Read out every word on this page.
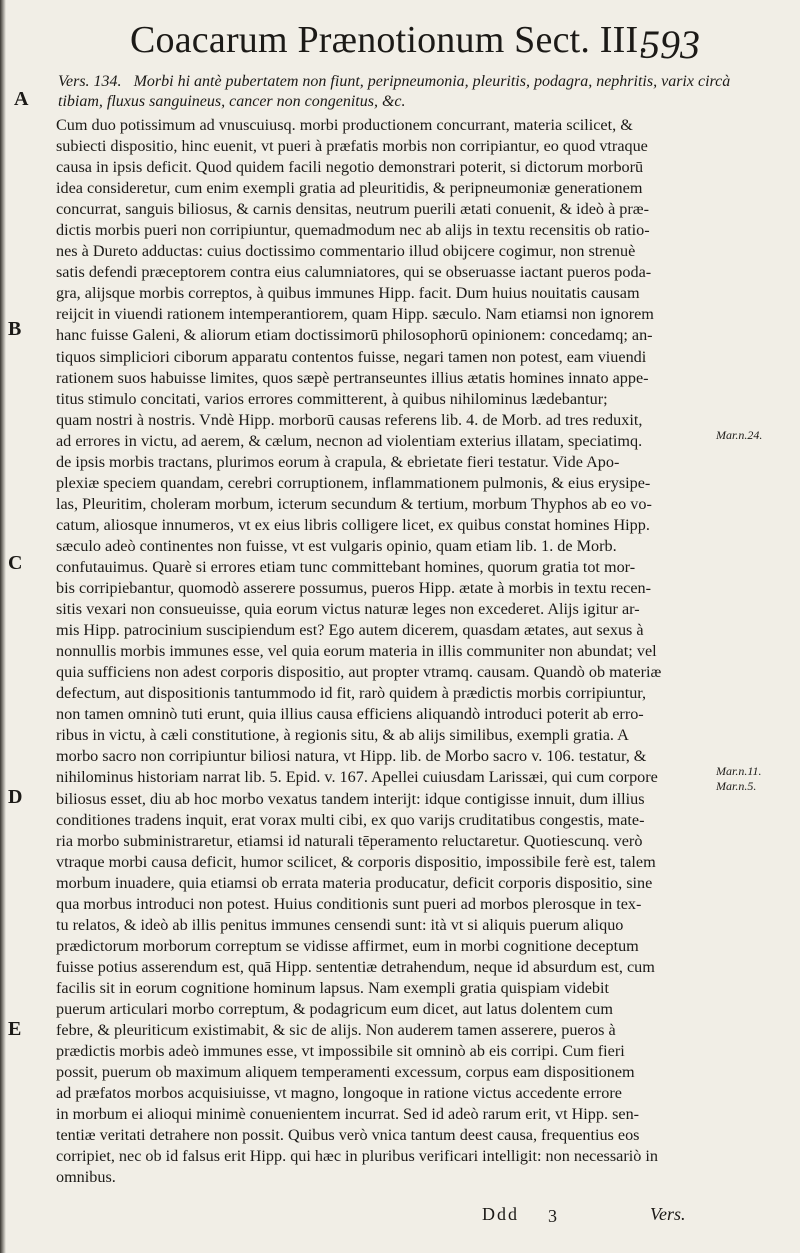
Coacarum Prænotionum Sect. III.
593
A
Vers. 134. Morbi hi antè pubertatem non fiunt, peripneumonia, pleuritis, podagra, nephritis, varix circà tibiam, fluxus sanguineus, cancer non congenitus, &c.
B
C
D
E
Mar.n.24.
Mar.n.11.
Mar.n.5.
Cum duo potissimum ad vnuscuiusq. morbi productionem concurrant, materia scilicet, &
subiecti dispositio, hinc euenit, vt pueri à præfatis morbis non corripiantur, eo quod vtraque
causa in ipsis deficit. Quod quidem facili negotio demonstrari poterit, si dictorum morborū
idea consideretur, cum enim exempli gratia ad pleuritidis, & peripneumoniæ generationem
concurrat, sanguis biliosus, & carnis densitas, neutrum puerili ætati conuenit, & ideò à præ-
dictis morbis pueri non corripiuntur, quemadmodum nec ab alijs in textu recensitis ob ratio-
nes à Dureto adductas: cuius doctissimo commentario illud obijcere cogimur, non strenuè
satis defendi præceptorem contra eius calumniatores, qui se obseruasse iactant pueros poda-
gra, alijsque morbis correptos, à quibus immunes Hipp. facit. Dum huius nouitatis causam
reijcit in viuendi rationem intemperantiorem, quam Hipp. sæculo. Nam etiamsi non ignorem
hanc fuisse Galeni, & aliorum etiam doctissimorū philosophorū opinionem: concedamq; an-
tiquos simpliciori ciborum apparatu contentos fuisse, negari tamen non potest, eam viuendi
rationem suos habuisse limites, quos sæpè pertranseuntes illius ætatis homines innato appe-
titus stimulo concitati, varios errores committerent, à quibus nihilominus lædebantur;
quam nostri à nostris. Vndè Hipp. morborū causas referens lib. 4. de Morb. ad tres reduxit,
ad errores in victu, ad aerem, & cælum, necnon ad violentiam exterius illatam, speciatimq.
de ipsis morbis tractans, plurimos eorum à crapula, & ebrietate fieri testatur. Vide Apo-
plexiæ speciem quandam, cerebri corruptionem, inflammationem pulmonis, & eius erysipe-
las, Pleuritim, choleram morbum, icterum secundum & tertium, morbum Thyphos ab eo vo-
catum, aliosque innumeros, vt ex eius libris colligere licet, ex quibus constat homines Hipp.
sæculo adeò continentes non fuisse, vt est vulgaris opinio, quam etiam lib. 1. de Morb.
confutauimus. Quarè si errores etiam tunc committebant homines, quorum gratia tot mor-
bis corripiebantur, quomodò asserere possumus, pueros Hipp. ætate à morbis in textu recen-
sitis vexari non consueuisse, quia eorum victus naturæ leges non excederet. Alijs igitur ar-
mis Hipp. patrocinium suscipiendum est? Ego autem dicerem, quasdam ætates, aut sexus à
nonnullis morbis immunes esse, vel quia eorum materia in illis communiter non abundat; vel
quia sufficiens non adest corporis dispositio, aut propter vtramq. causam. Quandò ob materiæ
defectum, aut dispositionis tantummodo id fit, rarò quidem à prædictis morbis corripiuntur,
non tamen omninò tuti erunt, quia illius causa efficiens aliquandò introduci poterit ab erro-
ribus in victu, à cæli constitutione, à regionis situ, & ab alijs similibus, exempli gratia. A
morbo sacro non corripiuntur biliosi natura, vt Hipp. lib. de Morbo sacro v. 106. testatur, &
nihilominus historiam narrat lib. 5. Epid. v. 167. Apellei cuiusdam Larissæi, qui cum corpore
biliosus esset, diu ab hoc morbo vexatus tandem interijt: idque contigisse innuit, dum illius
conditiones tradens inquit, erat vorax multi cibi, ex quo varijs cruditatibus congestis, mate-
ria morbo subministraretur, etiamsi id naturali tēperamento reluctaretur. Quotiescunq. verò
vtraque morbi causa deficit, humor scilicet, & corporis dispositio, impossibile ferè est, talem
morbum inuadere, quia etiamsi ob errata materia producatur, deficit corporis dispositio, sine
qua morbus introduci non potest. Huius conditionis sunt pueri ad morbos plerosque in tex-
tu relatos, & ideò ab illis penitus immunes censendi sunt: ità vt si aliquis puerum aliquo
prædictorum morborum correptum se vidisse affirmet, eum in morbi cognitione deceptum
fuisse potius asserendum est, quā Hipp. sententiæ detrahendum, neque id absurdum est, cum
facilis sit in eorum cognitione hominum lapsus. Nam exempli gratia quispiam videbit
puerum articulari morbo correptum, & podagricum eum dicet, aut latus dolentem cum
febre, & pleuriticum existimabit, & sic de alijs. Non auderem tamen asserere, pueros à
prædictis morbis adeò immunes esse, vt impossibile sit omninò ab eis corripi. Cum fieri
possit, puerum ob maximum aliquem temperamenti excessum, corpus eam dispositionem
ad præfatos morbos acquisiuisse, vt magno, longoque in ratione victus accedente errore
in morbum ei alioqui minimè conuenientem incurrat. Sed id adeò rarum erit, vt Hipp. sen-
tentiæ veritati detrahere non possit. Quibus verò vnica tantum deest causa, frequentius eos
corripiet, nec ob id falsus erit Hipp. qui hæc in pluribus verificari intelligit: non necessariò in
omnibus.
Ddd 3	Vers.
